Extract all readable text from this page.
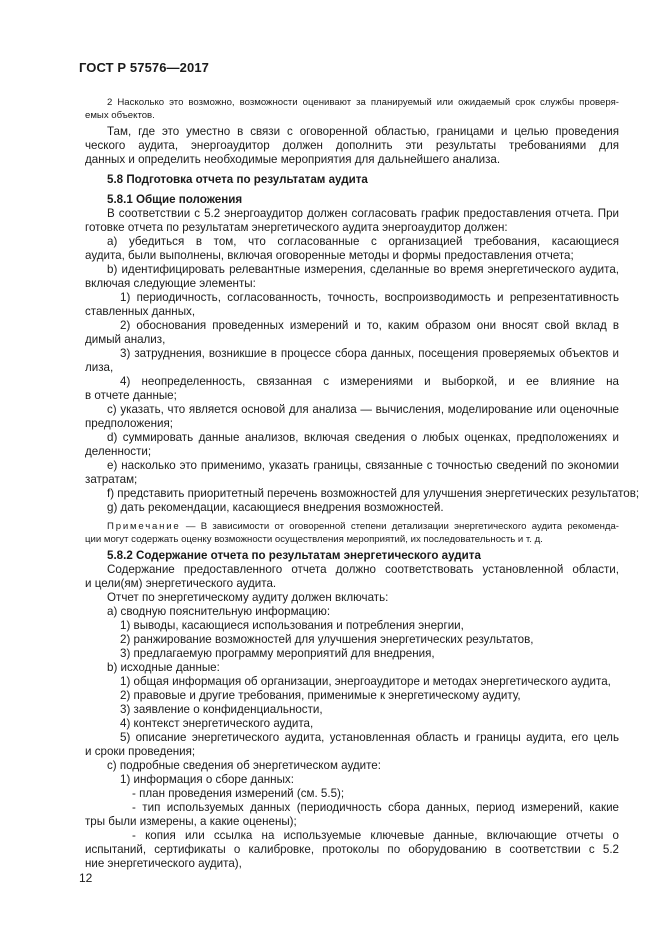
ГОСТ Р 57576—2017
2 Насколько это возможно, возможности оценивают за планируемый или ожидаемый срок службы проверя-
емых объектов.
Там, где это уместно в связи с оговоренной областью, границами и целью проведения
ческого аудита, энергоаудитор должен дополнить эти результаты требованиями для
данных и определить необходимые мероприятия для дальнейшего анализа.
5.8 Подготовка отчета по результатам аудита
5.8.1 Общие положения
В соответствии с 5.2 энергоаудитор должен согласовать график предоставления отчета. При
готовке отчета по результатам энергетического аудита энергоаудитор должен:
a) убедиться в том, что согласованные с организацией требования, касающиеся
аудита, были выполнены, включая оговоренные методы и формы предоставления отчета;
b) идентифицировать релевантные измерения, сделанные во время энергетического аудита,
включая следующие элементы:
1) периодичность, согласованность, точность, воспроизводимость и репрезентативность
ставленных данных,
2) обоснования проведенных измерений и то, каким образом они вносят свой вклад в
димый анализ,
3) затруднения, возникшие в процессе сбора данных, посещения проверяемых объектов и
лиза,
4) неопределенность, связанная с измерениями и выборкой, и ее влияние на
в отчете данные;
c) указать, что является основой для анализа — вычисления, моделирование или оценочные
предположения;
d) суммировать данные анализов, включая сведения о любых оценках, предположениях и
деленности;
e) насколько это применимо, указать границы, связанные с точностью сведений по экономии
затратам;
f) представить приоритетный перечень возможностей для улучшения энергетических результатов;
g) дать рекомендации, касающиеся внедрения возможностей.
Примечание — В зависимости от оговоренной степени детализации энергетического аудита рекоменда-
ции могут содержать оценку возможности осуществления мероприятий, их последовательность и т. д.
5.8.2 Содержание отчета по результатам энергетического аудита
Содержание предоставленного отчета должно соответствовать установленной области,
и цели(ям) энергетического аудита.
Отчет по энергетическому аудиту должен включать:
a) сводную пояснительную информацию:
1) выводы, касающиеся использования и потребления энергии,
2) ранжирование возможностей для улучшения энергетических результатов,
3) предлагаемую программу мероприятий для внедрения,
b) исходные данные:
1) общая информация об организации, энергоаудиторе и методах энергетического аудита,
2) правовые и другие требования, применимые к энергетическому аудиту,
3) заявление о конфиденциальности,
4) контекст энергетического аудита,
5) описание энергетического аудита, установленная область и границы аудита, его цель
и сроки проведения;
c) подробные сведения об энергетическом аудите:
1) информация о сборе данных:
- план проведения измерений (см. 5.5);
- тип используемых данных (периодичность сбора данных, период измерений, какие
тры были измерены, а какие оценены);
- копия или ссылка на используемые ключевые данные, включающие отчеты о
испытаний, сертификаты о калибровке, протоколы по оборудованию в соответствии с 5.2
ние энергетического аудита),
12
